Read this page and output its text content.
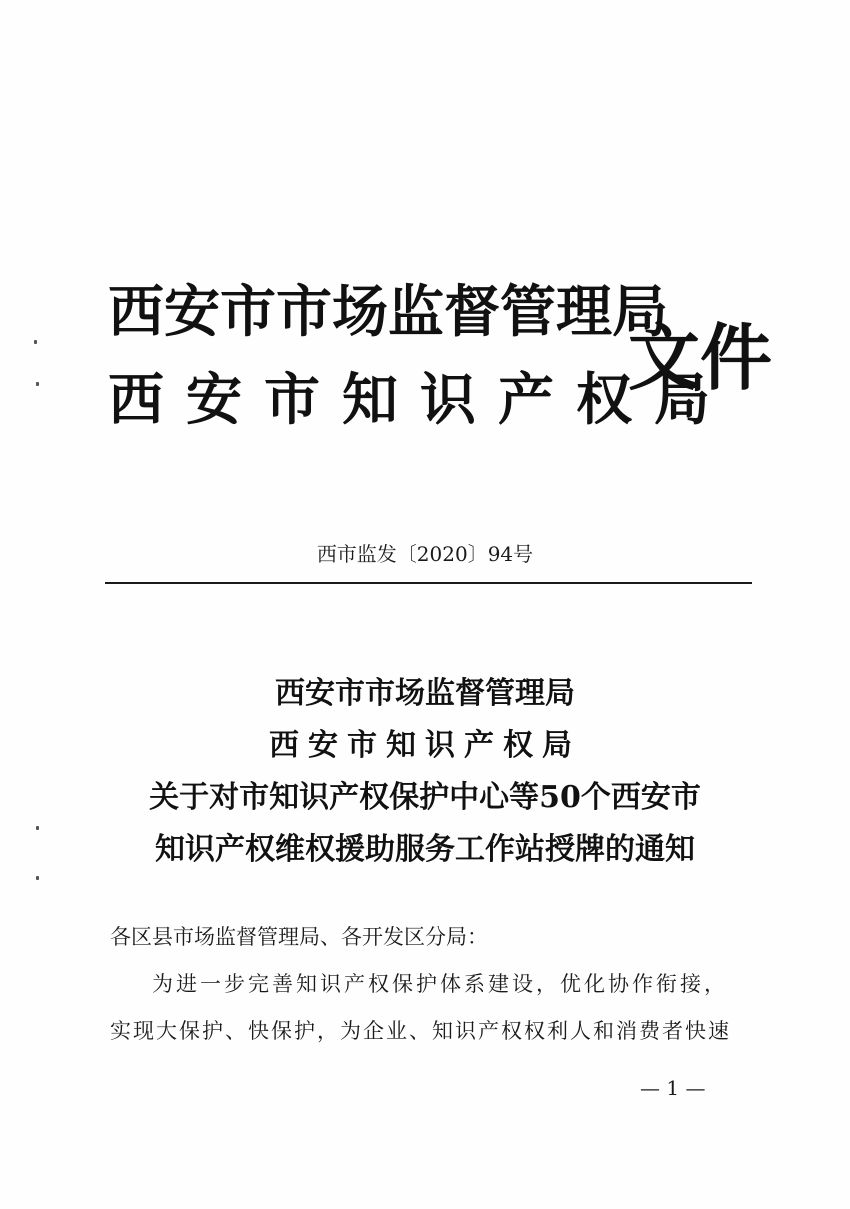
西安市市场监督管理局
西安市知识产权局
文件
西市监发〔2020〕94号
西安市市场监督管理局
西安市知识产权局
关于对市知识产权保护中心等50个西安市
知识产权维权援助服务工作站授牌的通知

各区县市场监督管理局、各开发区分局：

为进一步完善知识产权保护体系建设，优化协作衔接，

实现大保护、快保护，为企业、知识产权权利人和消费者快速

— 1 —
